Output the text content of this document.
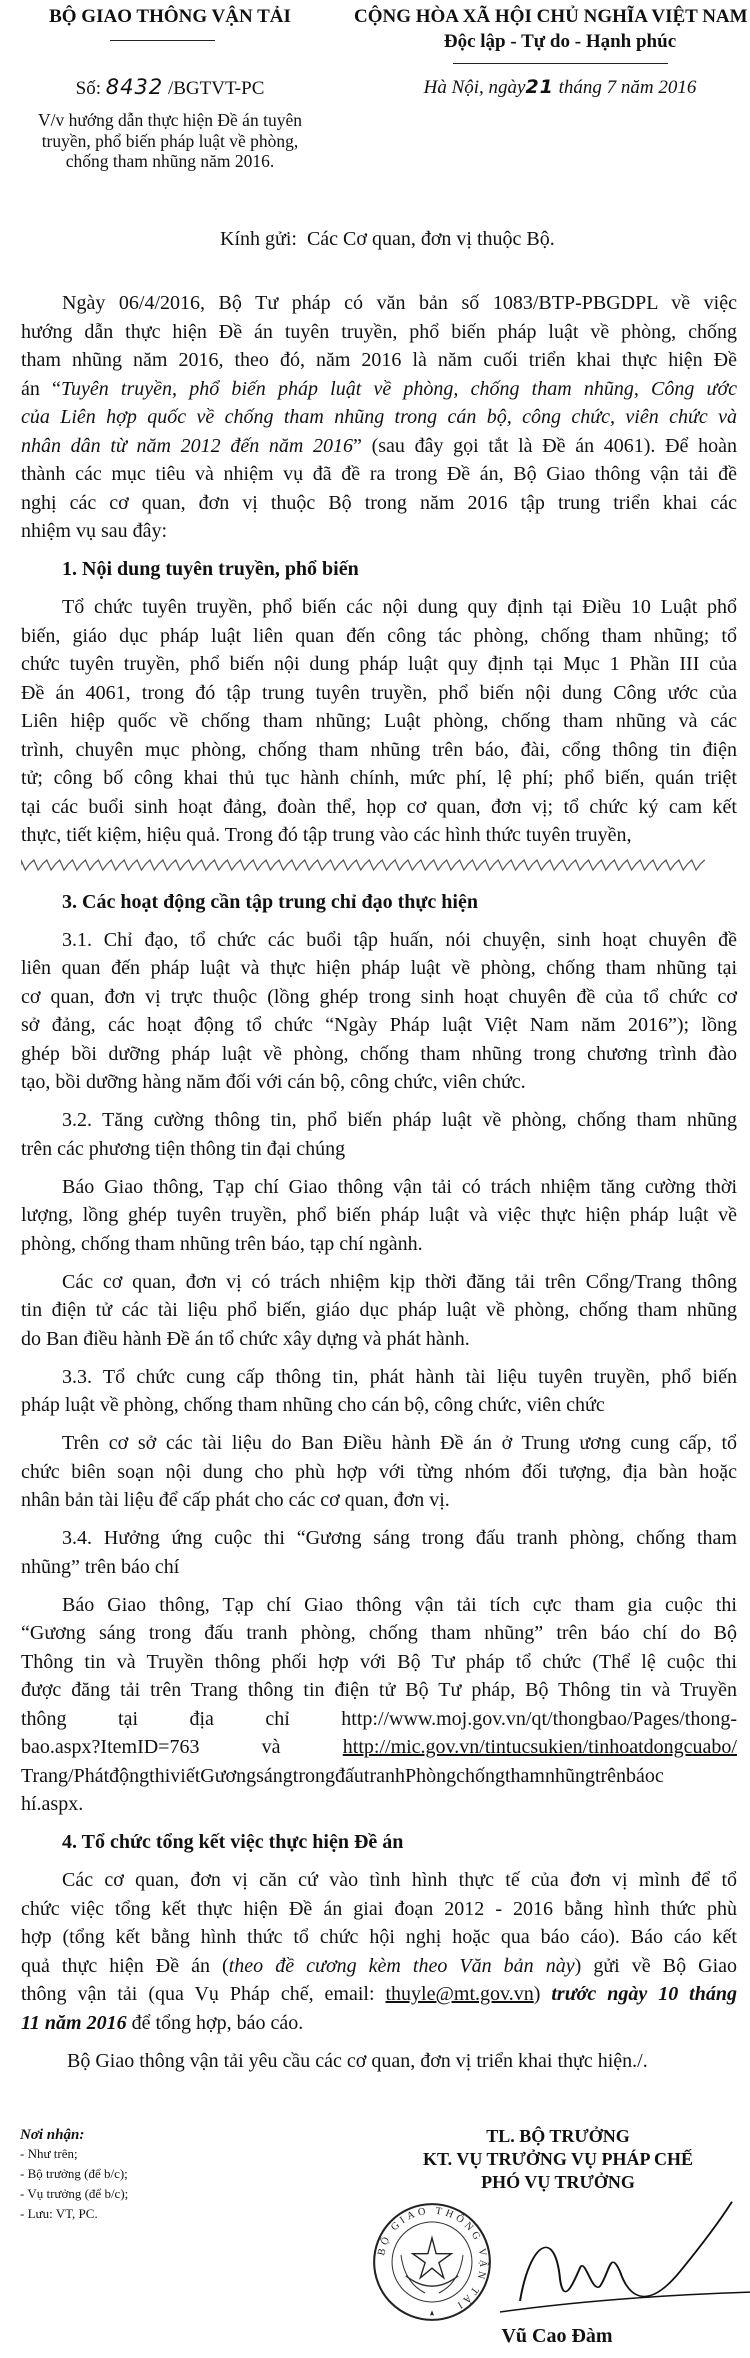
BỘ GIAO THÔNG VẬN TẢI
Số: 8432 /BGTVT-PC
V/v hướng dẫn thực hiện Đề án tuyên
truyền, phổ biến pháp luật về phòng,
chống tham nhũng năm 2016.
CỘNG HÒA XÃ HỘI CHỦ NGHĨA VIỆT NAM
Độc lập - Tự do - Hạnh phúc
Hà Nội, ngày21 tháng 7 năm 2016
Kính gửi: Các Cơ quan, đơn vị thuộc Bộ.
Ngày 06/4/2016, Bộ Tư pháp có văn bản số 1083/BTP-PBGDPL về việc
hướng dẫn thực hiện Đề án tuyên truyền, phổ biến pháp luật về phòng, chống
tham nhũng năm 2016, theo đó, năm 2016 là năm cuối triển khai thực hiện Đề
án “Tuyên truyền, phổ biến pháp luật về phòng, chống tham nhũng, Công ước
của Liên hợp quốc về chống tham nhũng trong cán bộ, công chức, viên chức và
nhân dân từ năm 2012 đến năm 2016” (sau đây gọi tắt là Đề án 4061). Để hoàn
thành các mục tiêu và nhiệm vụ đã đề ra trong Đề án, Bộ Giao thông vận tải đề
nghị các cơ quan, đơn vị thuộc Bộ trong năm 2016 tập trung triển khai các
nhiệm vụ sau đây:
1. Nội dung tuyên truyền, phổ biến
Tổ chức tuyên truyền, phổ biến các nội dung quy định tại Điều 10 Luật phổ
biến, giáo dục pháp luật liên quan đến công tác phòng, chống tham nhũng; tổ
chức tuyên truyền, phổ biến nội dung pháp luật quy định tại Mục 1 Phần III của
Đề án 4061, trong đó tập trung tuyên truyền, phổ biến nội dung Công ước của
Liên hiệp quốc về chống tham nhũng; Luật phòng, chống tham nhũng và các
trình, chuyên mục phòng, chống tham nhũng trên báo, đài, cổng thông tin điện
tử; công bố công khai thủ tục hành chính, mức phí, lệ phí; phổ biến, quán triệt
tại các buổi sinh hoạt đảng, đoàn thể, họp cơ quan, đơn vị; tổ chức ký cam kết
thực, tiết kiệm, hiệu quả. Trong đó tập trung vào các hình thức tuyên truyền,
3. Các hoạt động cần tập trung chỉ đạo thực hiện
3.1. Chỉ đạo, tổ chức các buổi tập huấn, nói chuyện, sinh hoạt chuyên đề
liên quan đến pháp luật và thực hiện pháp luật về phòng, chống tham nhũng tại
cơ quan, đơn vị trực thuộc (lồng ghép trong sinh hoạt chuyên đề của tổ chức cơ
sở đảng, các hoạt động tổ chức “Ngày Pháp luật Việt Nam năm 2016”); lồng
ghép bồi dưỡng pháp luật về phòng, chống tham nhũng trong chương trình đào
tạo, bồi dưỡng hàng năm đối với cán bộ, công chức, viên chức.
3.2. Tăng cường thông tin, phổ biến pháp luật về phòng, chống tham nhũng
trên các phương tiện thông tin đại chúng
Báo Giao thông, Tạp chí Giao thông vận tải có trách nhiệm tăng cường thời
lượng, lồng ghép tuyên truyền, phổ biến pháp luật và việc thực hiện pháp luật về
phòng, chống tham nhũng trên báo, tạp chí ngành.
Các cơ quan, đơn vị có trách nhiệm kịp thời đăng tải trên Cổng/Trang thông
tin điện tử các tài liệu phổ biến, giáo dục pháp luật về phòng, chống tham nhũng
do Ban điều hành Đề án tổ chức xây dựng và phát hành.
3.3. Tổ chức cung cấp thông tin, phát hành tài liệu tuyên truyền, phổ biến
pháp luật về phòng, chống tham nhũng cho cán bộ, công chức, viên chức
Trên cơ sở các tài liệu do Ban Điều hành Đề án ở Trung ương cung cấp, tổ
chức biên soạn nội dung cho phù hợp với từng nhóm đối tượng, địa bàn hoặc
nhân bản tài liệu để cấp phát cho các cơ quan, đơn vị.
3.4. Hưởng ứng cuộc thi “Gương sáng trong đấu tranh phòng, chống tham
nhũng” trên báo chí
Báo Giao thông, Tạp chí Giao thông vận tải tích cực tham gia cuộc thi
“Gương sáng trong đấu tranh phòng, chống tham nhũng” trên báo chí do Bộ
Thông tin và Truyền thông phối hợp với Bộ Tư pháp tổ chức (Thể lệ cuộc thi
được đăng tải trên Trang thông tin điện tử Bộ Tư pháp, Bộ Thông tin và Truyền
thông tại địa chỉ http://www.moj.gov.vn/qt/thongbao/Pages/thong-
bao.aspx?ItemID=763 và http://mic.gov.vn/tintucsukien/tinhoatdongcuabo/
Trang/PhátđộngthiviếtGươngsángtrongđấutranhPhòngchốngthamnhũngtrênbáoc
hí.aspx.
4. Tổ chức tổng kết việc thực hiện Đề án
Các cơ quan, đơn vị căn cứ vào tình hình thực tế của đơn vị mình để tổ
chức việc tổng kết thực hiện Đề án giai đoạn 2012 - 2016 bằng hình thức phù
hợp (tổng kết bằng hình thức tổ chức hội nghị hoặc qua báo cáo). Báo cáo kết
quả thực hiện Đề án (theo đề cương kèm theo Văn bản này) gửi về Bộ Giao
thông vận tải (qua Vụ Pháp chế, email: thuyle@mt.gov.vn) trước ngày 10 tháng
11 năm 2016 để tổng hợp, báo cáo.
Bộ Giao thông vận tải yêu cầu các cơ quan, đơn vị triển khai thực hiện./.
Nơi nhận:
- Như trên;
- Bộ trưởng (để b/c);
- Vụ trưởng (để b/c);
- Lưu: VT, PC.
BỘ GIAO THÔNG VẬN TẢI
TL. BỘ TRƯỞNG
KT. VỤ TRƯỞNG VỤ PHÁP CHẾ
PHÓ VỤ TRƯỞNG
Vũ Cao Đàm
